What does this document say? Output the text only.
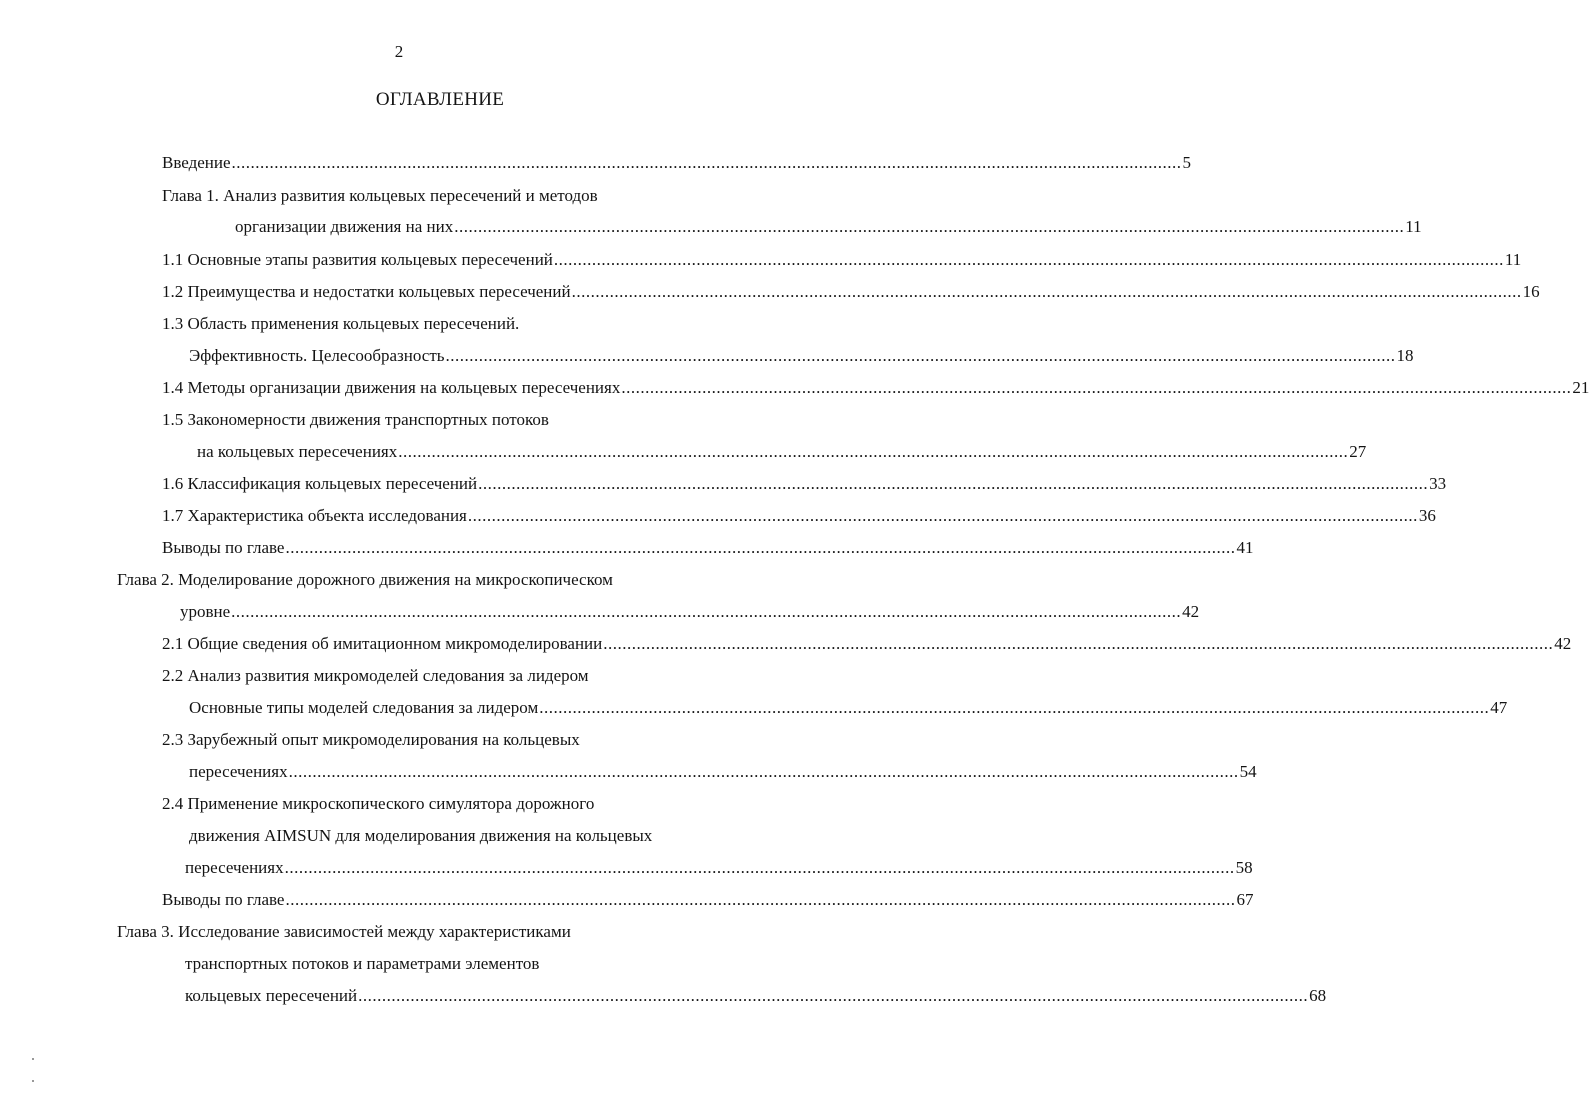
2
ОГЛАВЛЕНИЕ
Введение ........................................................................................................................................................................................................ 5
Глава 1. Анализ развития кольцевых пересечений и методов
организации движения на них ........................................................................................................................................................................................................ 11
1.1 Основные этапы развития кольцевых пересечений ........................................................................................................................................................................................................ 11
1.2 Преимущества и недостатки кольцевых пересечений ........................................................................................................................................................................................................ 16
1.3 Область применения кольцевых пересечений.
Эффективность. Целесообразность ........................................................................................................................................................................................................ 18
1.4 Методы организации движения на кольцевых пересечениях ........................................................................................................................................................................................................ 21
1.5 Закономерности движения транспортных потоков
на кольцевых пересечениях ........................................................................................................................................................................................................ 27
1.6 Классификация кольцевых пересечений ........................................................................................................................................................................................................ 33
1.7 Характеристика объекта исследования ........................................................................................................................................................................................................ 36
Выводы по главе ........................................................................................................................................................................................................ 41
Глава 2. Моделирование дорожного движения на микроскопическом
уровне ........................................................................................................................................................................................................ 42
2.1 Общие сведения об имитационном микромоделировании ........................................................................................................................................................................................................ 42
2.2 Анализ развития микромоделей следования за лидером
Основные типы моделей следования за лидером ........................................................................................................................................................................................................ 47
2.3 Зарубежный опыт микромоделирования на кольцевых
пересечениях ........................................................................................................................................................................................................ 54
2.4 Применение микроскопического симулятора дорожного
движения AIMSUN для моделирования движения на кольцевых
пересечениях ........................................................................................................................................................................................................ 58
Выводы по главе ........................................................................................................................................................................................................ 67
Глава 3. Исследование зависимостей между характеристиками
транспортных потоков и параметрами элементов
кольцевых пересечений ........................................................................................................................................................................................................ 68
